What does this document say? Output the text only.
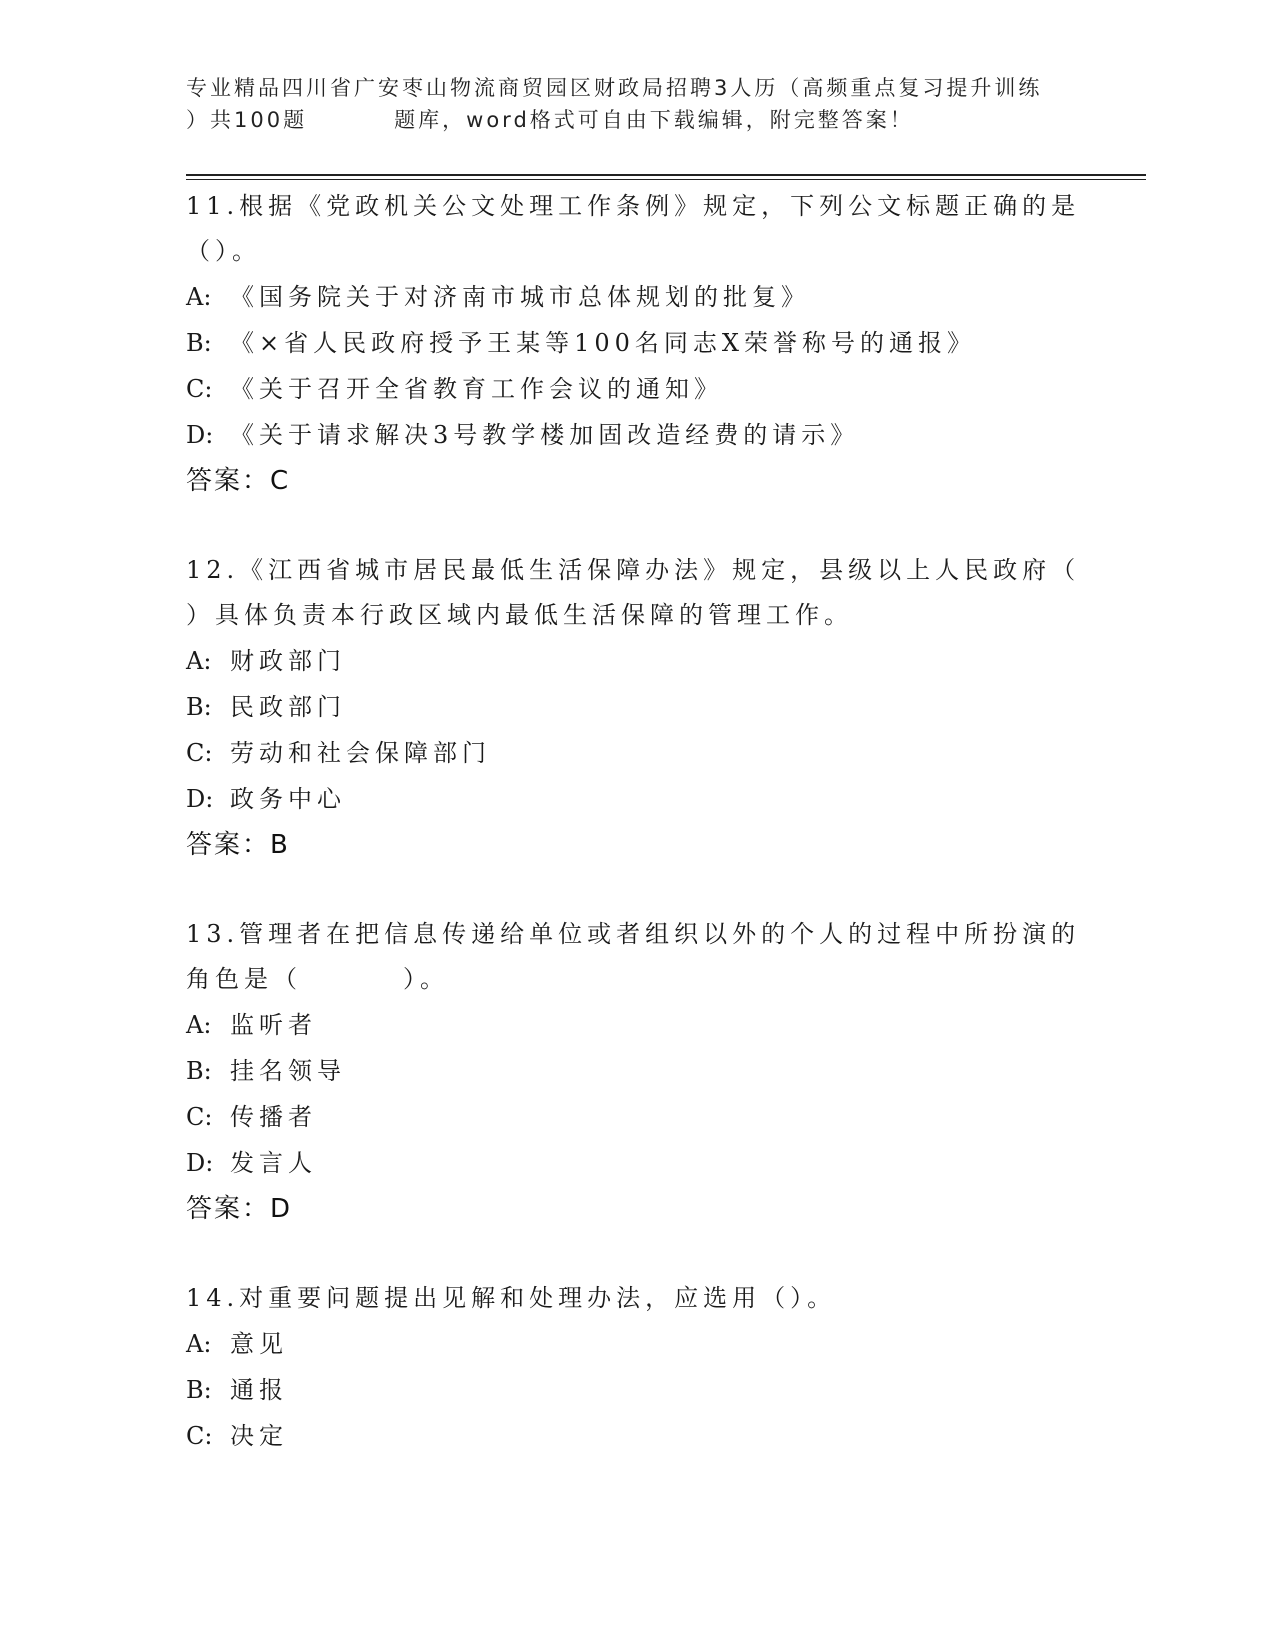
专业精品四川省广安枣山物流商贸园区财政局招聘3人历（高频重点复习提升训练
）共100题         题库，word格式可自由下载编辑，附完整答案！

11.根据《党政机关公文处理工作条例》规定，下列公文标题正确的是

（）。

A: 《国务院关于对济南市城市总体规划的批复》

B: 《×省人民政府授予王某等100名同志X荣誉称号的通报》

C: 《关于召开全省教育工作会议的通知》

D: 《关于请求解决3号教学楼加固改造经费的请示》

答案：C

12.《江西省城市居民最低生活保障办法》规定，县级以上人民政府（

）具体负责本行政区域内最低生活保障的管理工作。

A: 财政部门

B: 民政部门

C: 劳动和社会保障部门

D: 政务中心

答案：B

13.管理者在把信息传递给单位或者组织以外的个人的过程中所扮演的

角色是（        ）。

A: 监听者

B: 挂名领导

C: 传播者

D: 发言人

答案：D

14.对重要问题提出见解和处理办法，应选用（）。

A: 意见

B: 通报

C: 决定
